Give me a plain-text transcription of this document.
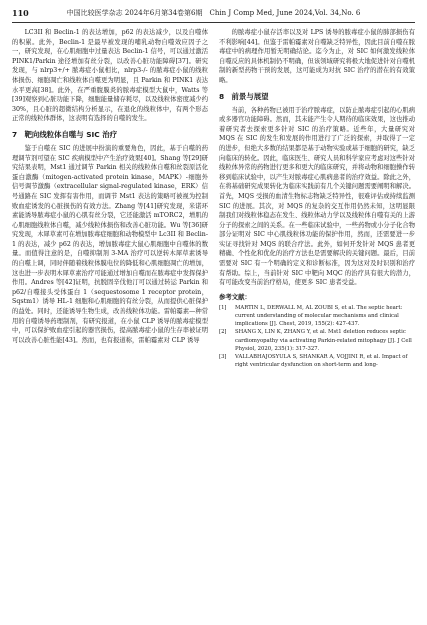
110	中国比较医学杂志 2024年6月第34卷第6期　Chin J Comp Med, June 2024,Vol. 34,No. 6

LC3II 和 Beclin-1 的表达增加，p62 的表达减少，以及自噬体的积累。此外，Beclin-1 是最早被发现的哺乳动物自噬效应因子之一，研究发现，在心肌细胞中过量表达 Beclin-1 信号，可以通过激活 PINK1/Parkin 途径增加有丝分裂，以改善心脏功能障碍[37]。研究发现，与 nlrp3+/+ 脓毒症小鼠相比，nlrp3-/- 的脓毒症小鼠的线粒体损伤、细胞凋亡和线粒体自噬更为明显，且 Parkin 和 PINK1 表达水平更高[38]。此外，在严重腹膜炎的脓毒症模型大鼠中，Watts 等[39]观察到心脏功能下降，细胞能量储存耗尽，以及线粒体密度减少约 30%，且心脏的超微结构分析显示，在退化的线粒体中，有两个形态正常的线粒体群体，这表明有选择的自噬的发生。

7　靶向线粒体自噬与 SIC 治疗

鉴于自噬在 SIC 的进展中扮演的重要角色，因此，基于自噬的药理调节剂可望在 SIC 疾病模型中产生治疗效果[40]。Shang 等[29]研究结果表明，Mst1 通过调节 Parkin 相关的线粒体自噬和丝裂原活化蛋白激酶（mitogen-activated protein kinase，MAPK）-细胞外信号调节激酶（extracellular signal-regulated kinase，ERK）信号通路在 SIC 发挥有害作用，而调节 Mst1 表达的策略可被视为控制败血症诱发的心脏损伤的有效方法。Zhang 等[41]研究发现，米诺环素能诱导脓毒症小鼠的心肌有丝分裂，它还能激活 mTORC2，增肌的心肌细胞线粒体自噬，减少线粒体损伤和改善心脏功能。Wu 等[36]研究发现，木犀草素可在增加脓毒症细胞和动物模型中 Lc3II 和 Beclin-1 的表达，减少 p62 的表达，增加脓毒症大鼠心肌细胞中自噬体的数量。而值得注意的是，自噬抑制剂 3-MA 治疗可以逆转木犀草素诱导的自噬上调，同时伴随着线粒体膜电位的降低和心肌细胞凋亡的增加，这也进一步表明木犀草素治疗可能通过增加自噬而在脓毒症中发挥保护作用。Andres 等[42]证明，抗脱固辛伐他汀可以通过转运 Parkin 和 p62/自噬接头受体蛋白 1（sequestosome 1 receptor protein，Sqstm1）诱导 HL-1 细胞和心肌细胞的有丝分裂，从而提供心脏保护的益处。同时，还能诱导生物生成，改善线粒体功能。雷帕霉素—种常用的自噬诱导药理制剂，有研究报道，在小鼠 CLP 诱导的脓毒症模型中，可以保护败血症引起的器官损伤，提高脓毒症小鼠的生存率被证明可以改善心脏性能[43]。然而，也有报道称，雷帕霉素对 CLP 诱导

的脓毒症小鼠存活率以及对 LPS 诱导的脓毒症小鼠的肺部损伤有不利影响[44]。但鉴于雷帕霉素对自噬缺乏特异性，因此目前自噬在脓毒症中的病理作用暂无明确结论。迄今为止，对 SIC 如何激发线粒体自噬反应的具体机制仍不明确，但该领域研究将极大地促进针对自噬机制的新型药物干预的发展，这可能成为对抗 SIC 治疗的潜在的有效策略。

8　前景与展望

当前，各种药物已被用于治疗脓毒症，以防止脓毒症引起的心肌病或多器官功能障碍。然而，其未能产生令人期待的临床效果，这也推动着研究者去探索更多针对 SIC 的治疗策略。近些年，大量研究对 MQS 在 SIC 的发生和发展的作用进行了广泛的探索，并取得了一定的进步，但绝大多数的结果都是基于动物实验或基于细胞的研究，缺乏向临床的转化。因此，临床医生、研究人员和科学家应考虑对这些针对线粒体异常的药物进行更多和更大的临床研究，并将动物和细胞操作转移到临床试验中，以产生对脓毒症心肌病患者的治疗效益。除此之外，在将基础研究成果转化为临床实践前有几个关键问题需要阐明和解决。首先，MQS 受损的血清生物标志物缺乏特异性，很难评估或持续监测 SIC 的进展。其次，对 MQS 的复杂的交互作用仍然未知，这明显限制我们对线粒体稳态在发生、线粒体动力学以及线粒体自噬有关的上游分子的探索之间的关系。在一些临床试验中，一些药物或小分子化合物部分证明对 SIC 中心肌线粒体功能的保护作用，然而，还需要进一步实证寻找针对 MQS 的联合疗法。此外，如何开发针对 MQS 患者更精确、个性化和优化的治疗方法也是需要解决的关键问题。最后，目前需要对 SIC 有一个明确的定义和诊断标准，因为这对及时识别和治疗有帮助。综上，当前针对 SIC 中靶向 MQC 的治疗具有很大的潜力，有可能改变当前治疗格局，使更多 SIC 患者受益。

参考文献：
[1]	MARTIN L, DERWALL M, AL ZOUBI S, et al. The septic heart: current understanding of molecular mechanisms and clinical implications [J]. Chest, 2019, 155(2): 427-437.
[2]	SHANG X, LIN K, ZHANG Y, et al. Mst1 deletion reduces septic cardiomyopathy via activating Parkin-related mitophagy [J]. J Cell Physiol, 2020, 235(1): 317-327.
[3]	VALLABHAJOSYULA S, SHANKAR A, VOJJINI R, et al. Impact of right ventricular dysfunction on short-term and long-
